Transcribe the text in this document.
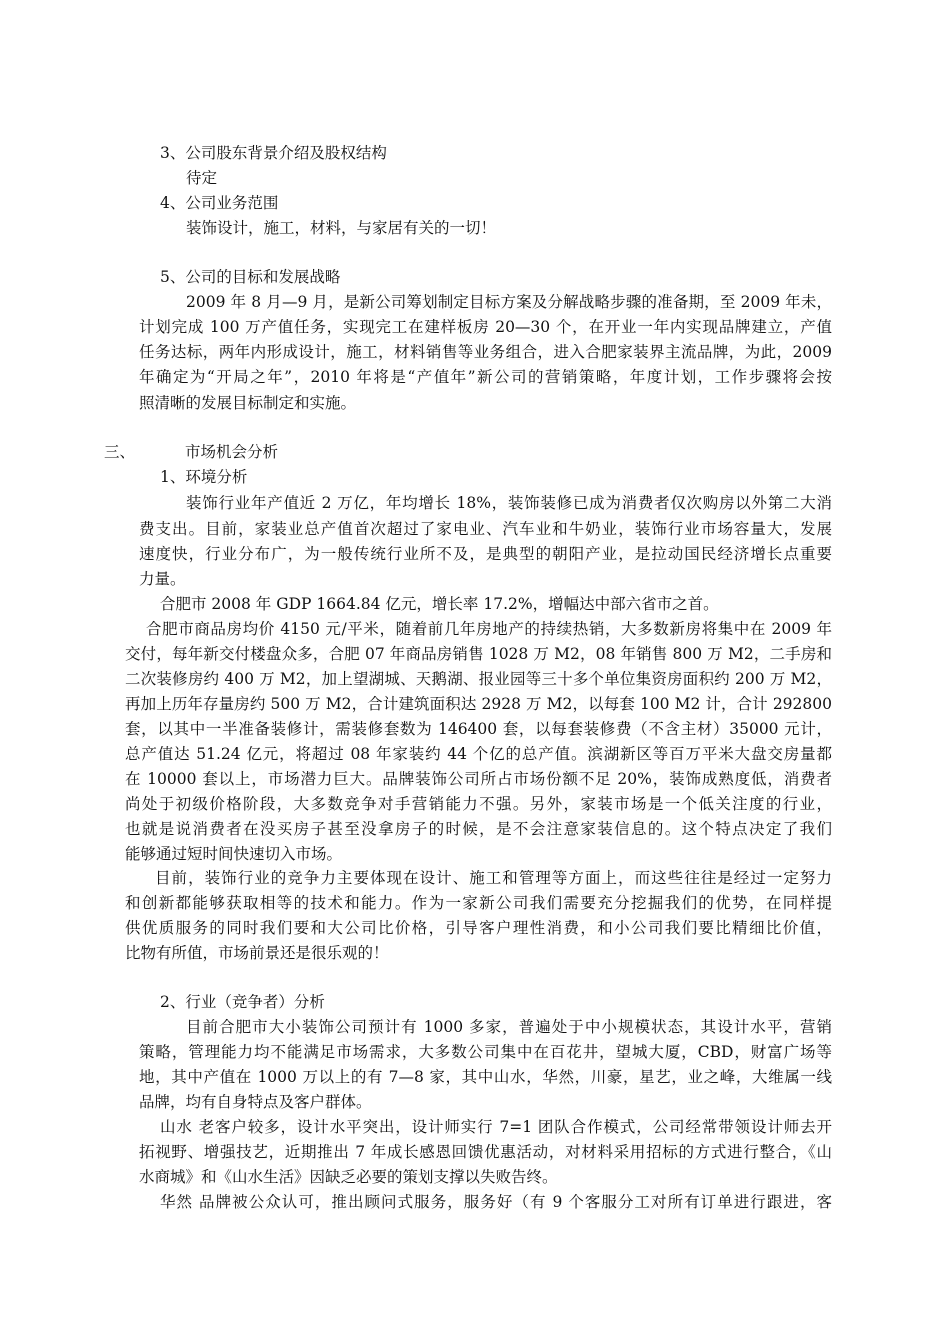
3、公司股东背景介绍及股权结构

待定

4、公司业务范围

装饰设计，施工，材料，与家居有关的一切！

5、公司的目标和发展战略

2009 年 8 月—9 月，是新公司筹划制定目标方案及分解战略步骤的准备期，至 2009 年未，

计划完成 100 万产值任务，实现完工在建样板房 20—30 个，在开业一年内实现品牌建立，产值

任务达标，两年内形成设计，施工，材料销售等业务组合，进入合肥家装界主流品牌，为此，2009

年确定为“开局之年”，2010 年将是“产值年”新公司的营销策略，年度计划，工作步骤将会按

照清晰的发展目标制定和实施。

三、	市场机会分析

1、环境分析

装饰行业年产值近 2 万亿，年均增长 18%，装饰装修已成为消费者仅次购房以外第二大消

费支出。目前，家装业总产值首次超过了家电业、汽车业和牛奶业，装饰行业市场容量大，发展

速度快，行业分布广，为一般传统行业所不及，是典型的朝阳产业，是拉动国民经济增长点重要

力量。

合肥市 2008 年 GDP 1664.84 亿元，增长率 17.2%，增幅达中部六省市之首。

合肥市商品房均价 4150 元/平米，随着前几年房地产的持续热销，大多数新房将集中在 2009 年

交付，每年新交付楼盘众多，合肥 07 年商品房销售 1028 万 M2，08 年销售 800 万 M2，二手房和

二次装修房约 400 万 M2，加上望湖城、天鹅湖、报业园等三十多个单位集资房面积约 200 万 M2，

再加上历年存量房约 500 万 M2，合计建筑面积达 2928 万 M2，以每套 100 M2 计，合计 292800

套，以其中一半准备装修计，需装修套数为 146400 套，以每套装修费（不含主材）35000 元计，

总产值达 51.24 亿元，将超过 08 年家装约 44 个亿的总产值。滨湖新区等百万平米大盘交房量都

在 10000 套以上，市场潜力巨大。品牌装饰公司所占市场份额不足 20%，装饰成熟度低，消费者

尚处于初级价格阶段，大多数竞争对手营销能力不强。另外，家装市场是一个低关注度的行业，

也就是说消费者在没买房子甚至没拿房子的时候，是不会注意家装信息的。这个特点决定了我们

能够通过短时间快速切入市场。

目前，装饰行业的竞争力主要体现在设计、施工和管理等方面上，而这些往往是经过一定努力

和创新都能够获取相等的技术和能力。作为一家新公司我们需要充分挖掘我们的优势，在同样提

供优质服务的同时我们要和大公司比价格，引导客户理性消费，和小公司我们要比精细比价值，

比物有所值，市场前景还是很乐观的！

2、行业（竞争者）分析

目前合肥市大小装饰公司预计有 1000 多家，普遍处于中小规模状态，其设计水平，营销

策略，管理能力均不能满足市场需求，大多数公司集中在百花井，望城大厦，CBD，财富广场等

地，其中产值在 1000 万以上的有 7—8 家，其中山水，华然，川豪，星艺，业之峰，大维属一线

品牌，均有自身特点及客户群体。

山水 老客户较多，设计水平突出，设计师实行 7=1 团队合作模式，公司经常带领设计师去开

拓视野、增强技艺，近期推出 7 年成长感恩回馈优惠活动，对材料采用招标的方式进行整合，《山

水商城》和《山水生活》因缺乏必要的策划支撑以失败告终。

华然 品牌被公众认可，推出顾问式服务，服务好（有 9 个客服分工对所有订单进行跟进，客
